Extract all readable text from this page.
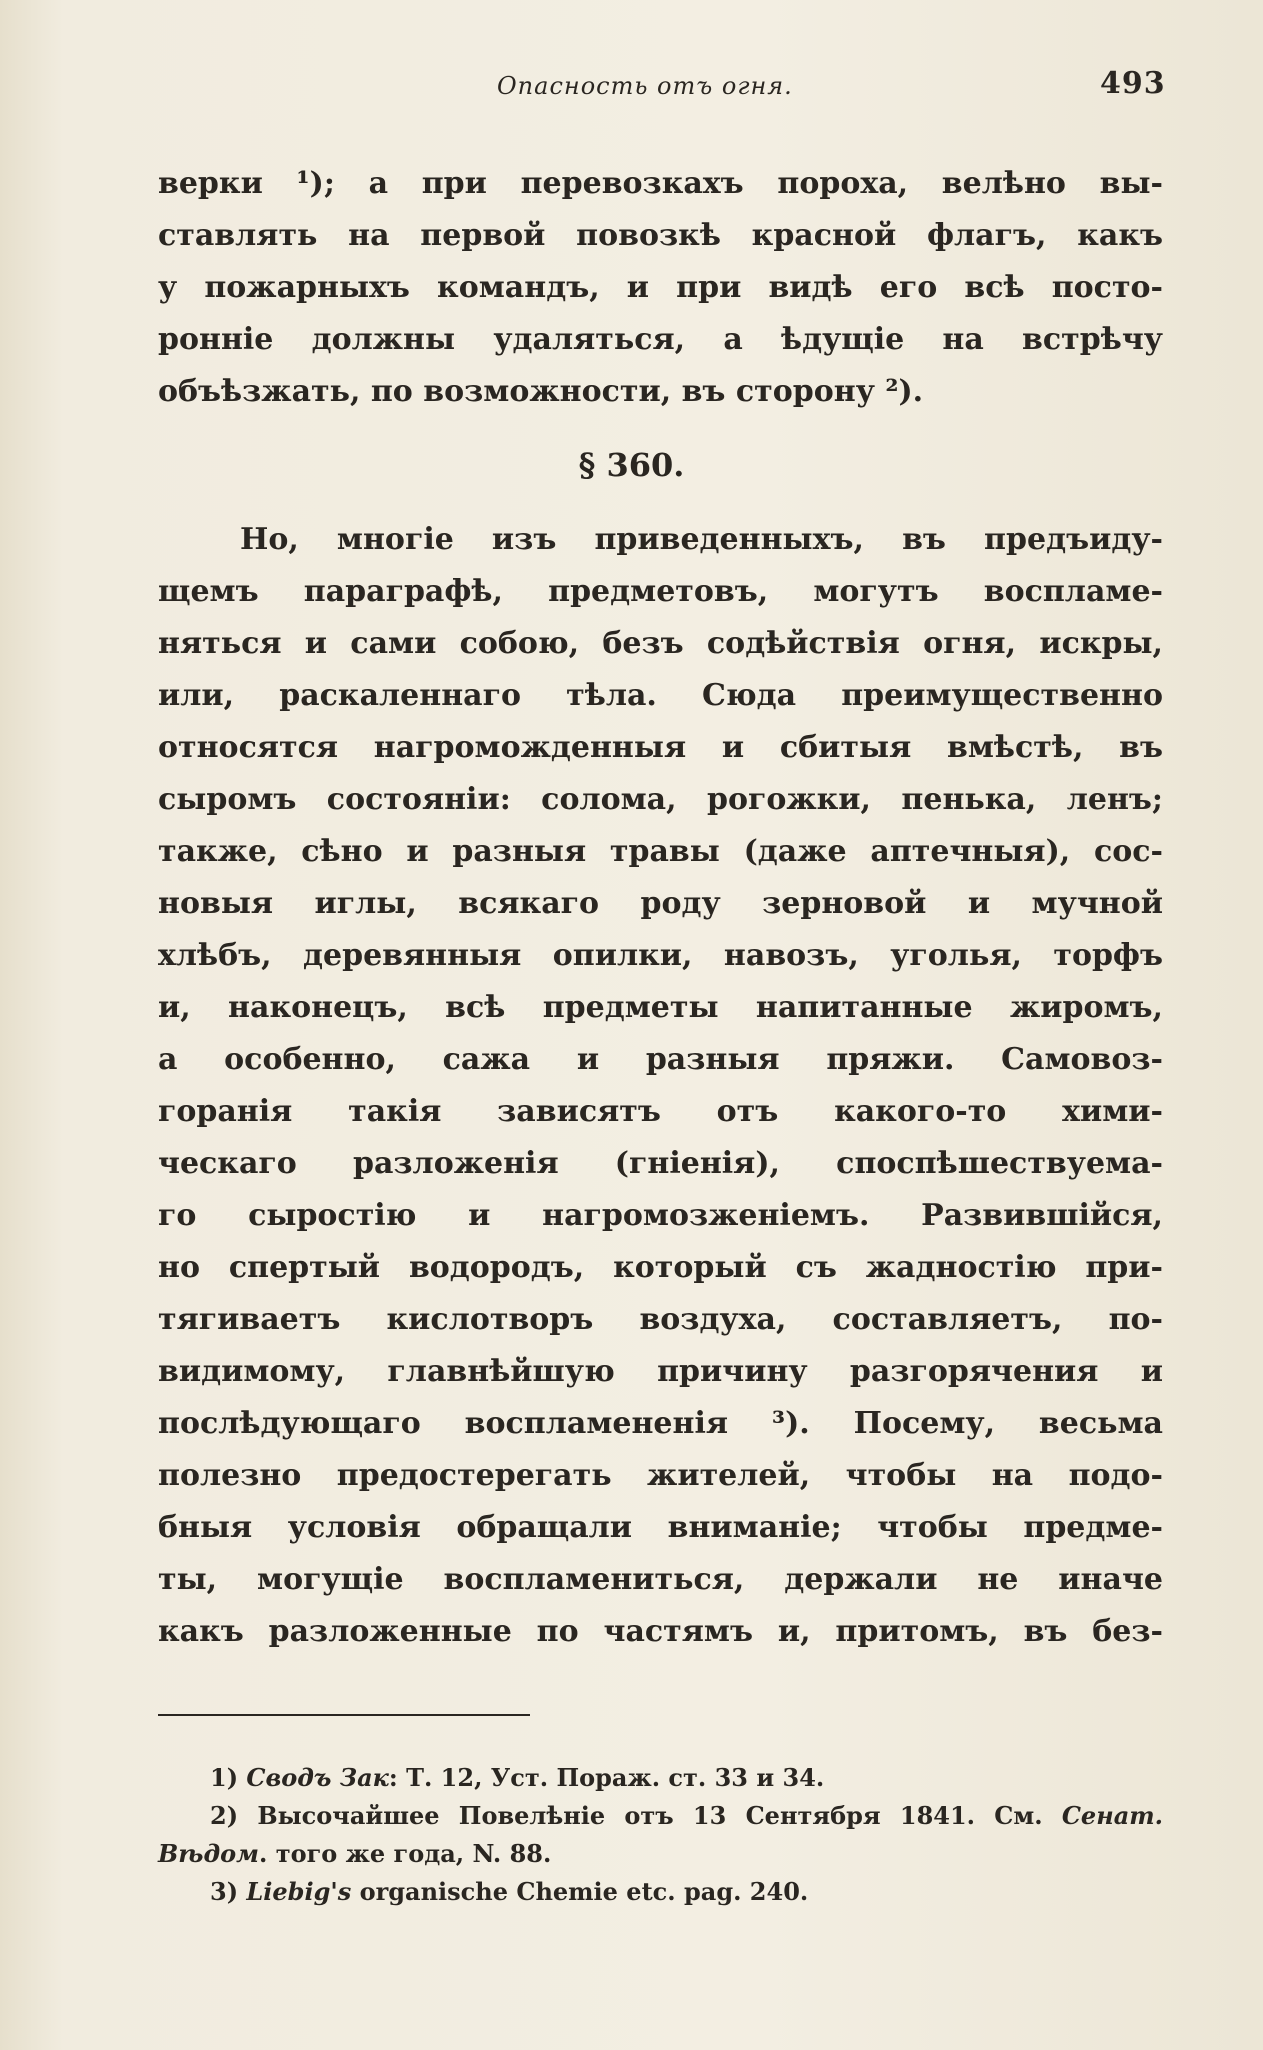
Опасность отъ огня.	493
верки ¹); а при перевозкахъ пороха, велѣно вы-
ставлять на первой повозкѣ красной флагъ, какъ
у пожарныхъ командъ, и при видѣ его всѣ посто-
роннiе должны удаляться, а ѣдущiе на встрѣчу
объѣзжать, по возможности, въ сторону ²).
§ 360.
Но, многiе изъ приведенныхъ, въ предъиду-
щемъ параграфѣ, предметовъ, могутъ воспламе-
няться и сами собою, безъ содѣйствiя огня, искры,
или, раскаленнаго тѣла. Сюда преимущественно
относятся нагроможденныя и сбитыя вмѣстѣ, въ
сыромъ состоянiи: солома, рогожки, пенька, ленъ;
также, сѣно и разныя травы (даже аптечныя), сос-
новыя иглы, всякаго роду зерновой и мучной
хлѣбъ, деревянныя опилки, навозъ, уголья, торфъ
и, наконецъ, всѣ предметы напитанные жиромъ,
а особенно, сажа и разныя пряжи. Самовоз-
горанiя такiя зависятъ отъ какого-то хими-
ческаго разложенiя (гнiенiя), споспѣшествуема-
го сыростiю и нагромозженiемъ. Развившiйся,
но спертый водородъ, который съ жадностiю при-
тягиваетъ кислотворъ воздуха, составляетъ, по-
видимому, главнѣйшую причину разгорячения и
послѣдующаго воспламененiя ³). Посему, весьма
полезно предостерегать жителей, чтобы на подо-
бныя условiя обращали вниманiе; чтобы предме-
ты, могущiе воспламениться, держали не иначе
какъ разложенные по частямъ и, притомъ, въ без-
1) Сводъ Зак: Т. 12, Уст. Пораж. ст. 33 и 34.
2) Высочайшее Повелѣнiе отъ 13 Сентября 1841. См. Сенат.
Вѣдом. того же года, N. 88.
3) Liebig's organische Chemie etc. pag. 240.
